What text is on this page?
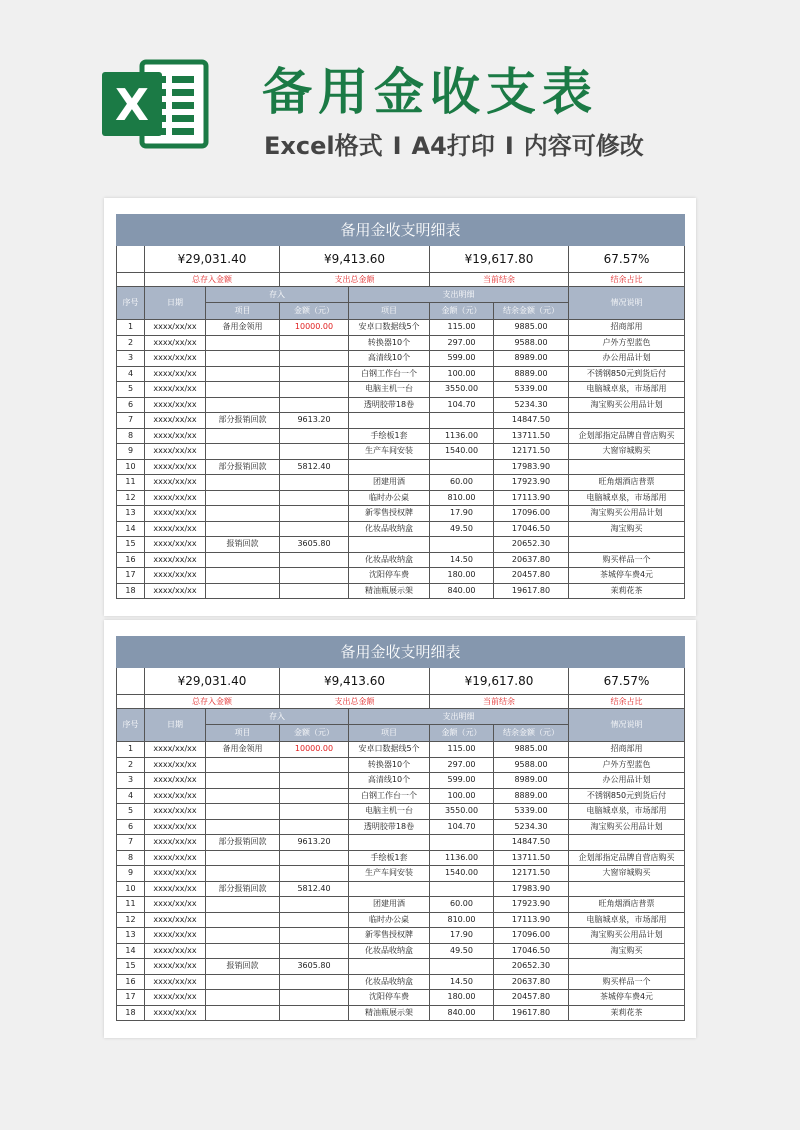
X 备用金收支表
Excel格式 I A4打印 I 内容可修改
备用金收支明细表							
	¥29,031.40		¥9,413.60		¥19,617.80		67.57%
	总存入金额		支出总金额		当前结余		结余占比
序号	日期	存入		支出明细			情况说明
		项目	金额（元）	项目	金额（元）	结余金额（元）	
1	xxxx/xx/xx	备用金领用	10000.00	安卓口数据线5个	115.00	9885.00	招商部用
2	xxxx/xx/xx			转换器10个	297.00	9588.00	户外方型蓝色
3	xxxx/xx/xx			高清线10个	599.00	8989.00	办公用品计划
4	xxxx/xx/xx			白钢工作台一个	100.00	8889.00	不锈钢850元到货后付
5	xxxx/xx/xx			电脑主机一台	3550.00	5339.00	电脑城卓泉，市场部用
6	xxxx/xx/xx			透明胶带18卷	104.70	5234.30	淘宝购买公用品计划
7	xxxx/xx/xx	部分报销回款	9613.20			14847.50	
8	xxxx/xx/xx			手绘板1套	1136.00	13711.50	企划部指定品牌自营店购买
9	xxxx/xx/xx			生产车间安装	1540.00	12171.50	大窗帘城购买
10	xxxx/xx/xx	部分报销回款	5812.40			17983.90	
11	xxxx/xx/xx			团建用酒	60.00	17923.90	旺角烟酒店普票
12	xxxx/xx/xx			临时办公桌	810.00	17113.90	电脑城卓泉，市场部用
13	xxxx/xx/xx			新零售授权牌	17.90	17096.00	淘宝购买公用品计划
14	xxxx/xx/xx			化妆品收纳盒	49.50	17046.50	淘宝购买
15	xxxx/xx/xx	报销回款	3605.80			20652.30	
16	xxxx/xx/xx			化妆品收纳盒	14.50	20637.80	购买样品一个
17	xxxx/xx/xx			沈阳停车费	180.00	20457.80	茶城停车费4元
18	xxxx/xx/xx			精油瓶展示架	840.00	19617.80	茉莉花茶
备用金收支明细表							
	¥29,031.40		¥9,413.60		¥19,617.80		67.57%
	总存入金额		支出总金额		当前结余		结余占比
序号	日期	存入		支出明细			情况说明
		项目	金额（元）	项目	金额（元）	结余金额（元）	
1	xxxx/xx/xx	备用金领用	10000.00	安卓口数据线5个	115.00	9885.00	招商部用
2	xxxx/xx/xx			转换器10个	297.00	9588.00	户外方型蓝色
3	xxxx/xx/xx			高清线10个	599.00	8989.00	办公用品计划
4	xxxx/xx/xx			白钢工作台一个	100.00	8889.00	不锈钢850元到货后付
5	xxxx/xx/xx			电脑主机一台	3550.00	5339.00	电脑城卓泉，市场部用
6	xxxx/xx/xx			透明胶带18卷	104.70	5234.30	淘宝购买公用品计划
7	xxxx/xx/xx	部分报销回款	9613.20			14847.50	
8	xxxx/xx/xx			手绘板1套	1136.00	13711.50	企划部指定品牌自营店购买
9	xxxx/xx/xx			生产车间安装	1540.00	12171.50	大窗帘城购买
10	xxxx/xx/xx	部分报销回款	5812.40			17983.90	
11	xxxx/xx/xx			团建用酒	60.00	17923.90	旺角烟酒店普票
12	xxxx/xx/xx			临时办公桌	810.00	17113.90	电脑城卓泉，市场部用
13	xxxx/xx/xx			新零售授权牌	17.90	17096.00	淘宝购买公用品计划
14	xxxx/xx/xx			化妆品收纳盒	49.50	17046.50	淘宝购买
15	xxxx/xx/xx	报销回款	3605.80			20652.30	
16	xxxx/xx/xx			化妆品收纳盒	14.50	20637.80	购买样品一个
17	xxxx/xx/xx			沈阳停车费	180.00	20457.80	茶城停车费4元
18	xxxx/xx/xx			精油瓶展示架	840.00	19617.80	茉莉花茶
